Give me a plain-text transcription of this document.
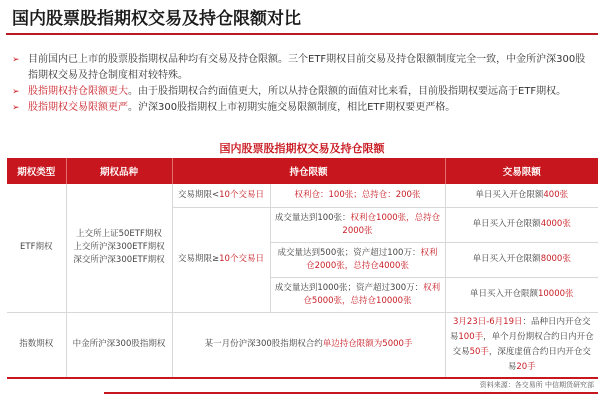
国内股票股指期权交易及持仓限额对比
➢ 目前国内已上市的股票股指期权品种均有交易及持仓限额。三个ETF期权目前交易及持仓限额制度完全一致，中金所沪深300股指期权交易及持仓制度相对较特殊。
➢ 股指期权持仓限额更大。由于股指期权合约面值更大，所以从持仓限额的面值对比来看，目前股指期权要远高于ETF期权。
➢ 股指期权交易限额更严。沪深300股指期权上市初期实施交易限额制度，相比ETF期权要更严格。
国内股票股指期权交易及持仓限额
期权类型	期权品种	持仓限额		交易限额
ETF期权	上交所上证50ETF期权
上交所沪深300ETF期权
深交所沪深300ETF期权	交易期限<10个交易日	权利仓：100张；总持仓：200张	单日买入开仓限额400张
		交易期限≥10个交易日	成交量达到100张：权利仓1000张，总持仓2000张	单日买入开仓限额4000张
			成交量达到500张；资产超过100万：权利仓2000张，总持仓4000张	单日买入开仓限额8000张
			成交量达到1000张；资产超过300万：权利仓5000张，总持仓10000张	单日买入开仓限额10000张
指数期权	中金所沪深300股指期权	某一月份沪深300股指期权合约单边持仓限额为5000手		3月23日-6月19日：品种日内开仓交易100手，单个月份期权合约日内开仓交易50手，深度虚值合约日内开仓交易20手
资料来源：各交易所 中信期货研究部
